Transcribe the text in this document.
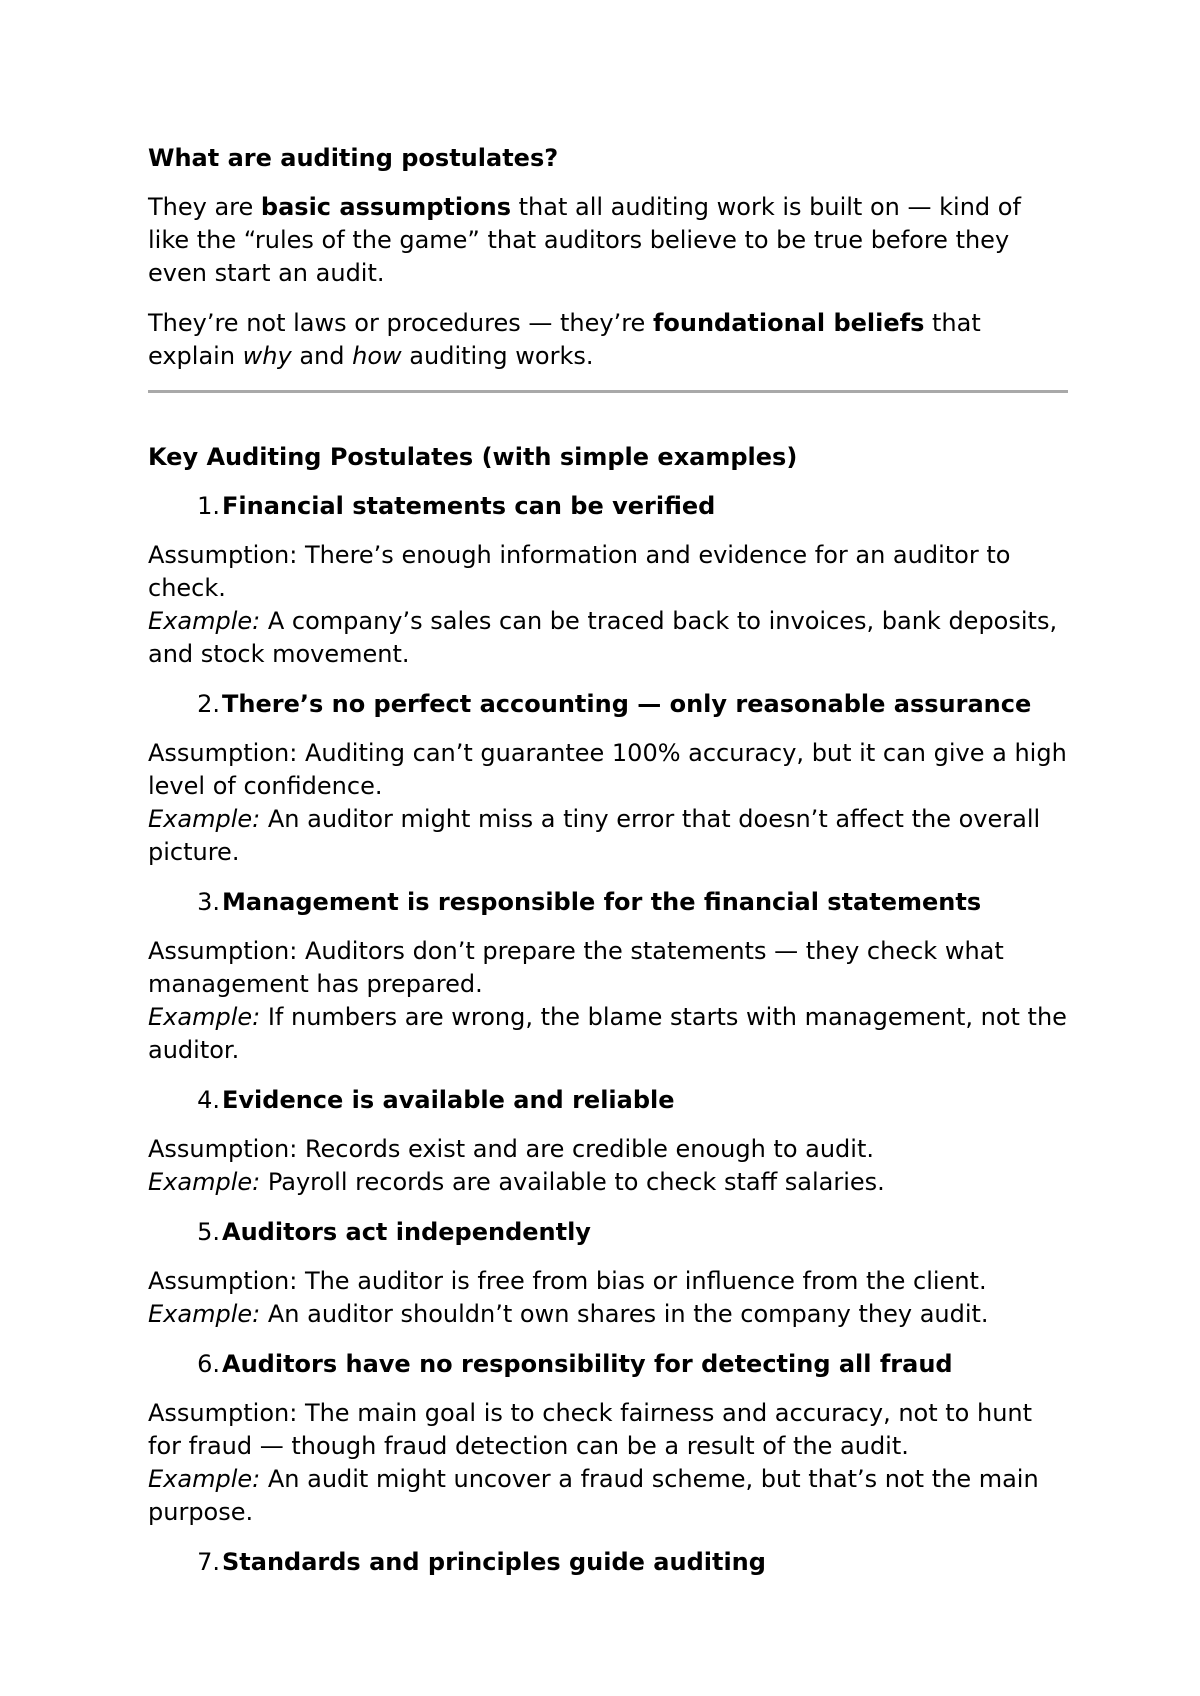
What are auditing postulates?

They are basic assumptions that all auditing work is built on — kind of like the “rules of the game” that auditors believe to be true before they even start an audit.

They’re not laws or procedures — they’re foundational beliefs that explain why and how auditing works.

Key Auditing Postulates (with simple examples)

1.Financial statements can be verified

Assumption: There’s enough information and evidence for an auditor to check.
Example: A company’s sales can be traced back to invoices, bank deposits, and stock movement.

2.There’s no perfect accounting — only reasonable assurance

Assumption: Auditing can’t guarantee 100% accuracy, but it can give a high level of confidence.
Example: An auditor might miss a tiny error that doesn’t affect the overall picture.

3.Management is responsible for the financial statements

Assumption: Auditors don’t prepare the statements — they check what management has prepared.
Example: If numbers are wrong, the blame starts with management, not the auditor.

4.Evidence is available and reliable

Assumption: Records exist and are credible enough to audit.
Example: Payroll records are available to check staff salaries.

5.Auditors act independently

Assumption: The auditor is free from bias or influence from the client.
Example: An auditor shouldn’t own shares in the company they audit.

6.Auditors have no responsibility for detecting all fraud

Assumption: The main goal is to check fairness and accuracy, not to hunt for fraud — though fraud detection can be a result of the audit.
Example: An audit might uncover a fraud scheme, but that’s not the main purpose.

7.Standards and principles guide auditing
